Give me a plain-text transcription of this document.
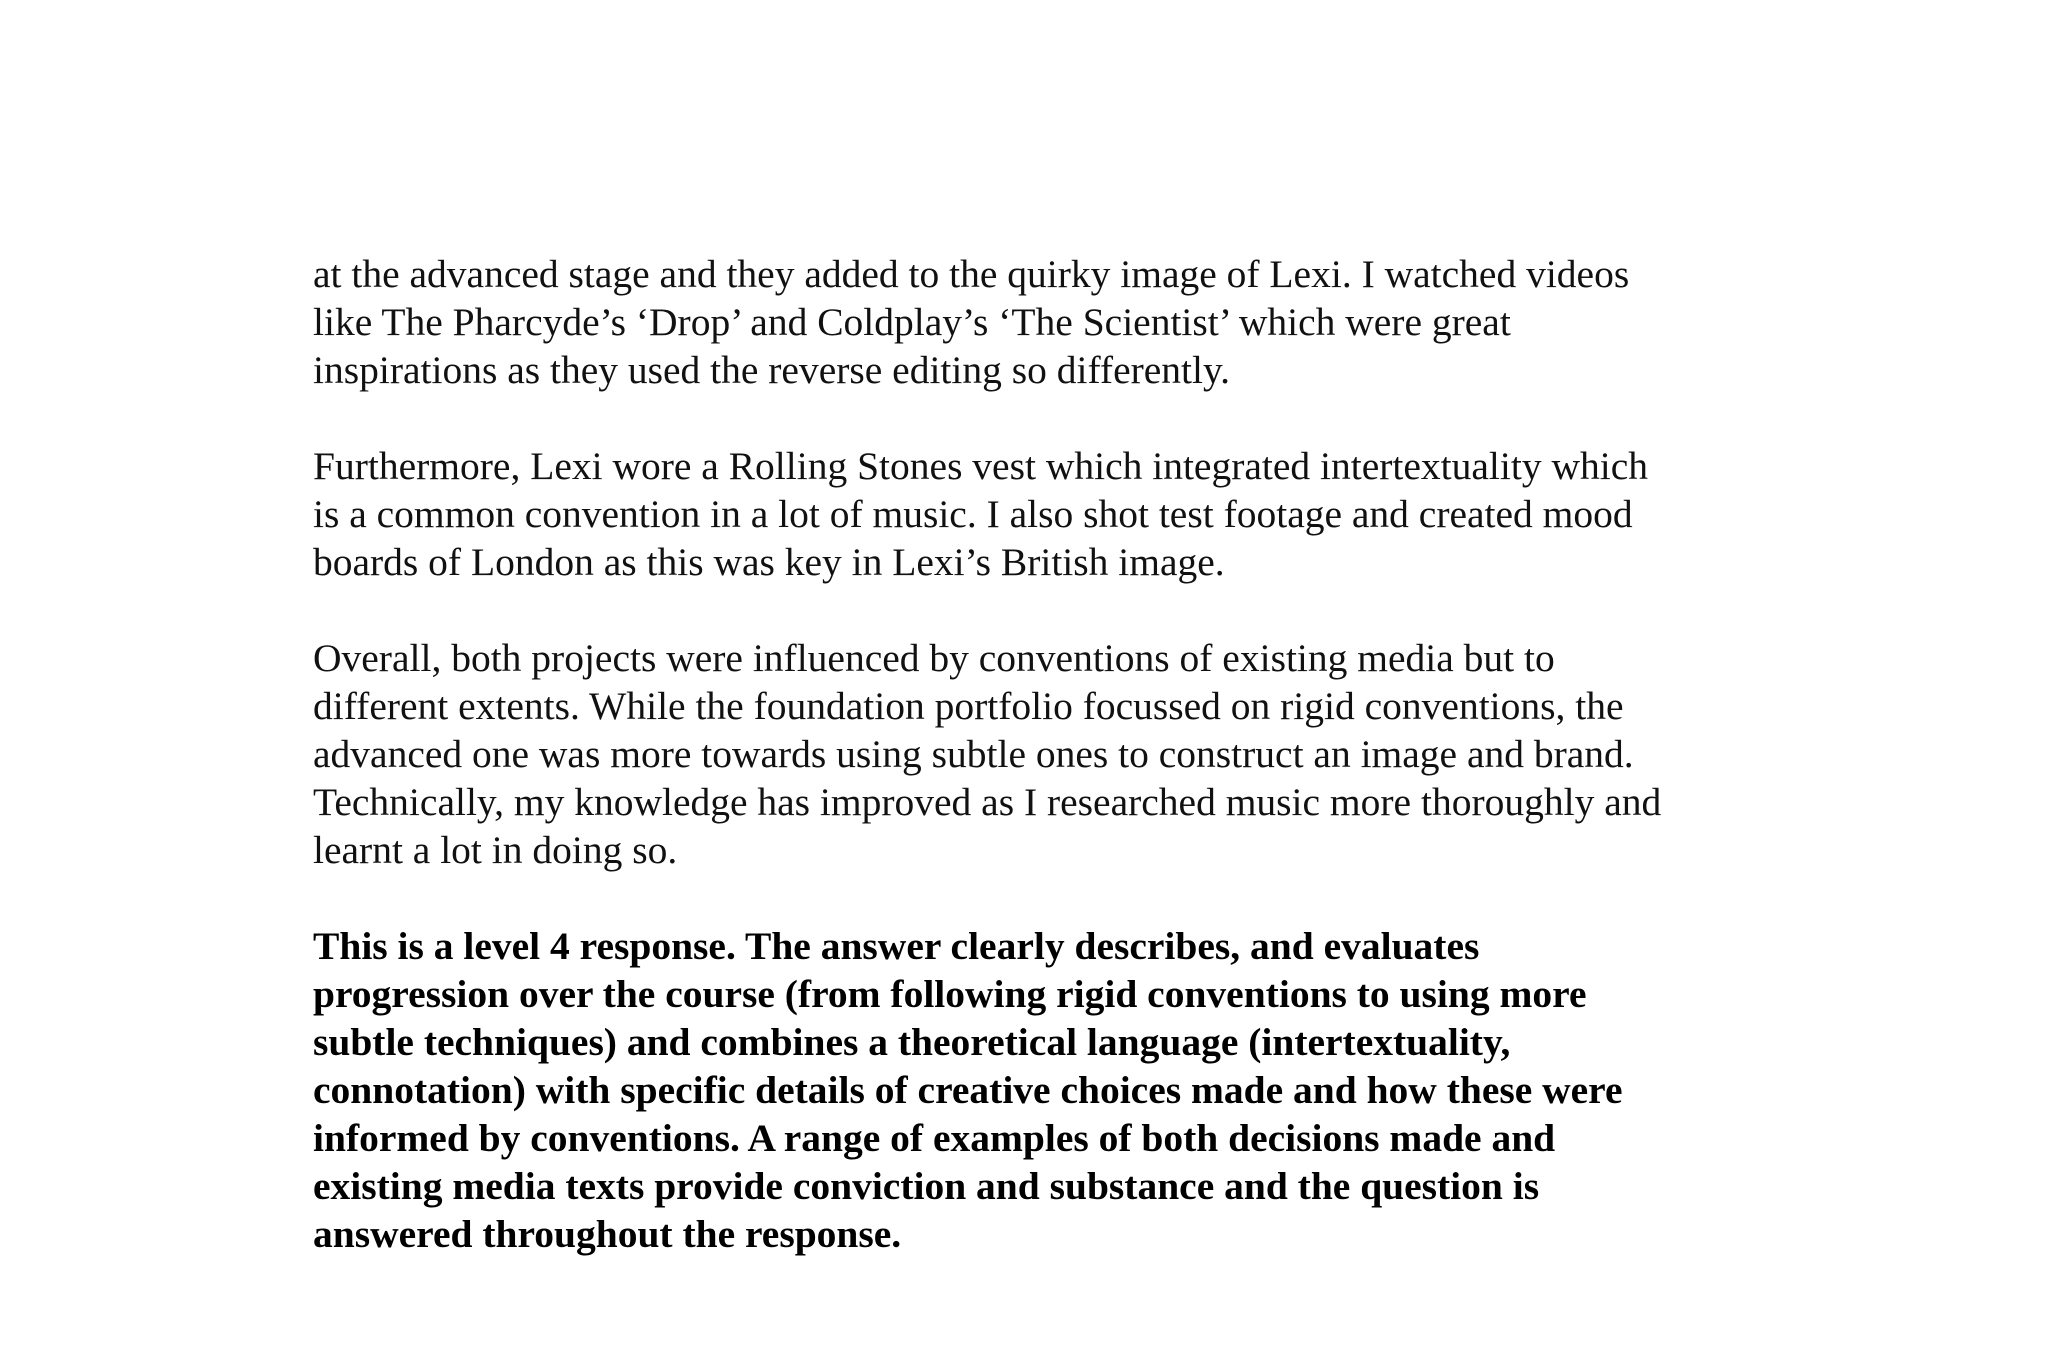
at the advanced stage and they added to the quirky image of Lexi. I watched videos
like The Pharcyde’s ‘Drop’ and Coldplay’s ‘The Scientist’ which were great
inspirations as they used the reverse editing so differently.

Furthermore, Lexi wore a Rolling Stones vest which integrated intertextuality which
is a common convention in a lot of music. I also shot test footage and created mood
boards of London as this was key in Lexi’s British image.

Overall, both projects were influenced by conventions of existing media but to
different extents. While the foundation portfolio focussed on rigid conventions, the
advanced one was more towards using subtle ones to construct an image and brand.
Technically, my knowledge has improved as I researched music more thoroughly and
learnt a lot in doing so.

This is a level 4 response. The answer clearly describes, and evaluates
progression over the course (from following rigid conventions to using more
subtle techniques) and combines a theoretical language (intertextuality,
connotation) with specific details of creative choices made and how these were
informed by conventions. A range of examples of both decisions made and
existing media texts provide conviction and substance and the question is
answered throughout the response.
